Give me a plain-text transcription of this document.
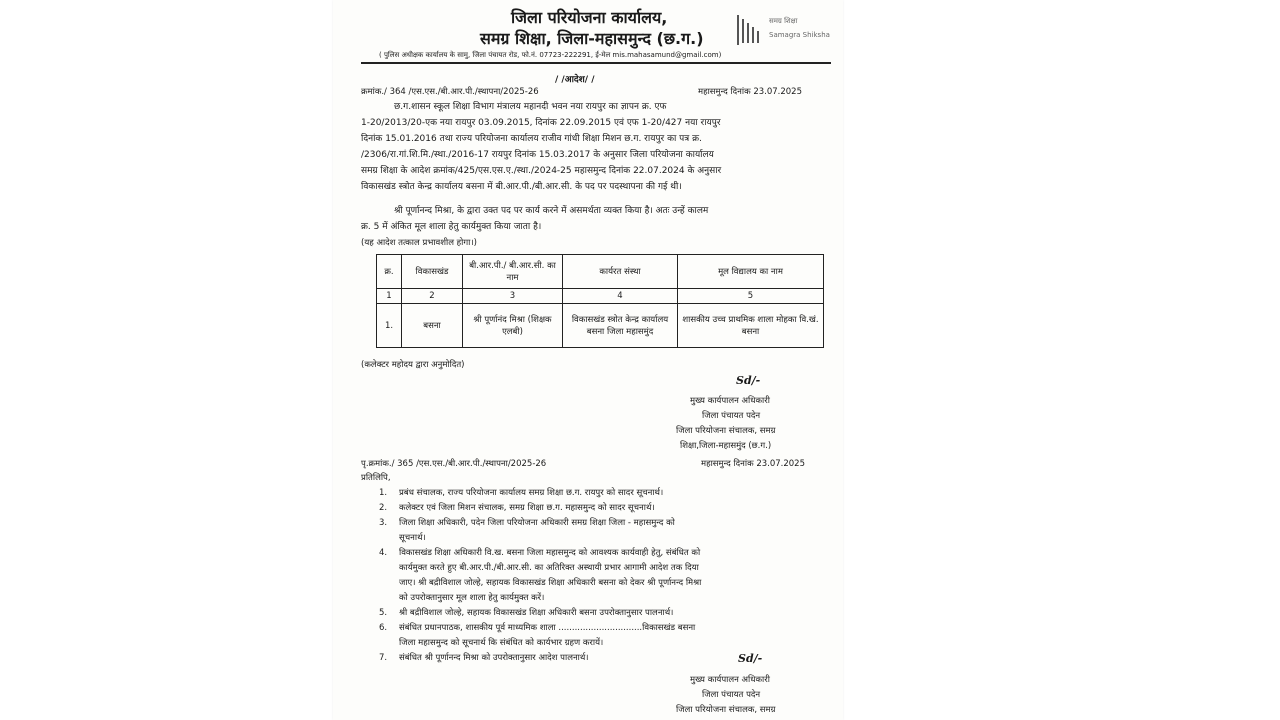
जिला परियोजना कार्यालय,
समग्र शिक्षा, जिला-महासमुन्द (छ.ग.)
( पुलिस अधीक्षक कार्यालय के सामु, जिला पंचायत रोड, फो.नं. 07723-222291, ई-मेल mis.mahasamund@gmail.com)
समग्र शिक्षा
Samagra Shiksha
/ /आदेश/ /
क्रमांक./ 364 /एस.एस./बी.आर.पी./स्थापना/2025-26	महासमुन्द दिनांक 23.07.2025
छ.ग.शासन स्कूल शिक्षा विभाग मंत्रालय महानदी भवन नया रायपुर का ज्ञापन क्र. एफ
1-20/2013/20-एक नया रायपुर 03.09.2015, दिनांक 22.09.2015 एवं एफ 1-20/427 नया रायपुर
दिनांक 15.01.2016 तथा राज्य परियोजना कार्यालय राजीव गांधी शिक्षा मिशन छ.ग. रायपुर का पत्र क्र.
/2306/रा.गां.शि.मि./स्था./2016-17 रायपुर दिनांक 15.03.2017 के अनुसार जिला परियोजना कार्यालय
समग्र शिक्षा के आदेश क्रमांक/425/एस.एस.ए./स्था./2024-25 महासमुन्द दिनांक 22.07.2024 के अनुसार
विकासखंड स्त्रोत केन्द्र कार्यालय बसना में बी.आर.पी./बी.आर.सी. के पद पर पदस्थापना की गई थी।
श्री पूर्णानन्द मिश्रा, के द्वारा उक्त पद पर कार्य करने में असमर्थता व्यक्त किया है। अतः उन्हें कालम
क्र. 5 में अंकित मूल शाला हेतु कार्यमुक्त किया जाता है।
(यह आदेश तत्काल प्रभावशील होगा।)
क्र.	विकासखंड	बी.आर.पी./ बी.आर.सी. का नाम	कार्यरत संस्था	मूल विद्यालय का नाम
1	2	3	4	5
1.	बसना	श्री पूर्णानंद मिश्रा (शिक्षक एलबी)	विकासखंड स्त्रोत केन्द्र कार्यालय बसना जिला महासमुंद	शासकीय उच्च प्राथमिक शाला मोहका वि.खं. बसना
(कलेक्टर महोदय द्वारा अनुमोदित)
Sd/-
मुख्य कार्यपालन अधिकारी
जिला पंचायत पदेन
जिला परियोजना संचालक, समग्र
शिक्षा,जिला-महासमुंद (छ.ग.)
पृ.क्रमांक./ 365 /एस.एस./बी.आर.पी./स्थापना/2025-26	महासमुन्द दिनांक 23.07.2025
प्रतिलिपि,
1. प्रबंध संचालक, राज्य परियोजना कार्यालय समग्र शिक्षा छ.ग. रायपुर को सादर सूचनार्थ।
2. कलेक्टर एवं जिला मिशन संचालक, समग्र शिक्षा छ.ग. महासमुन्द को सादर सूचनार्थ।
3. जिला शिक्षा अधिकारी, पदेन जिला परियोजना अधिकारी समग्र शिक्षा जिला - महासमुन्द को
सूचनार्थ।
4. विकासखंड शिक्षा अधिकारी वि.ख. बसना जिला महासमुन्द को आवश्यक कार्यवाही हेतु, संबंधित को
कार्यमुक्त करते हुए बी.आर.पी./बी.आर.सी. का अतिरिक्त अस्थायी प्रभार आगामी आदेश तक दिया
जाए। श्री बद्रीविशाल जोल्हे, सहायक विकासखंड शिक्षा अधिकारी बसना को देकर श्री पूर्णानन्द मिश्रा
को उपरोक्तानुसार मूल शाला हेतु कार्यमुक्त करें।
5. श्री बद्रीविशाल जोल्हे, सहायक विकासखंड शिक्षा अधिकारी बसना उपरोक्तानुसार पालनार्थ।
6. संबंधित प्रधानपाठक, शासकीय पूर्व माध्यमिक शाला ...............................विकासखंड बसना
जिला महासमुन्द को सूचनार्थ कि संबंधित को कार्यभार ग्रहण करायें।
7. संबंधित श्री पूर्णानन्द मिश्रा को उपरोक्तानुसार आदेश पालनार्थ।	Sd/-
मुख्य कार्यपालन अधिकारी
जिला पंचायत पदेन
जिला परियोजना संचालक, समग्र
